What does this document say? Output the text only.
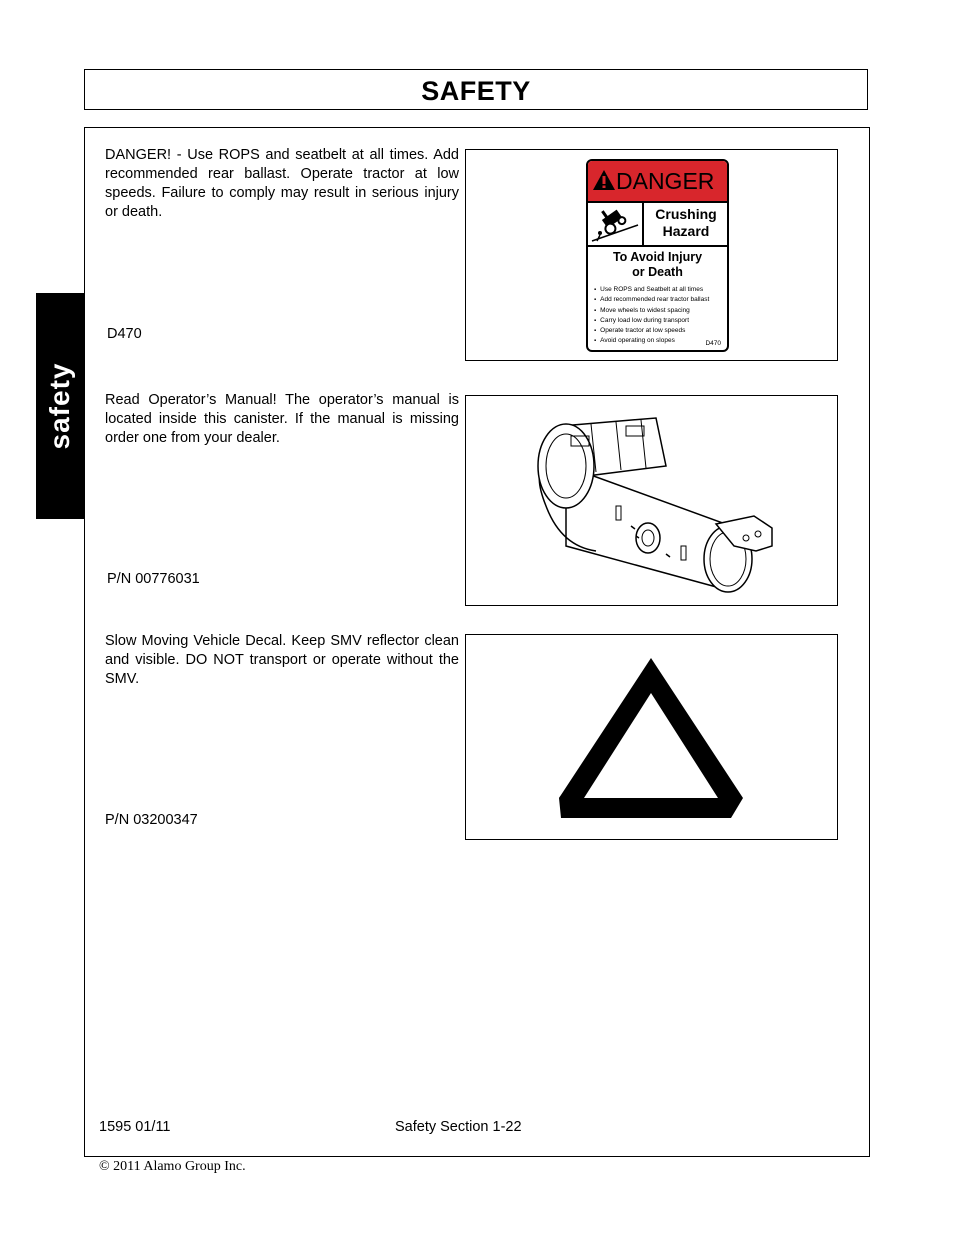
SAFETY
safety
DANGER! - Use ROPS and seatbelt at all times. Add recommended rear ballast. Operate tractor at low speeds. Failure to comply may result in serious injury or death.
D470
DANGER
Crushing
Hazard
To Avoid Injury
or Death
▪ Use ROPS and Seatbelt at all times
▪ Add recommended rear tractor ballast
▪ Move wheels to widest spacing
▪ Carry load low during transport
▪ Operate tractor at low speeds
▪ Avoid operating on slopes	D470
Read Operator’s Manual! The operator’s manual is located inside this canister. If the manual is missing order one from your dealer.
P/N 00776031
Slow Moving Vehicle Decal. Keep SMV reflector clean and visible. DO NOT transport or operate without the SMV.
P/N 03200347
1595 01/11	Safety Section 1-22
© 2011 Alamo Group Inc.
